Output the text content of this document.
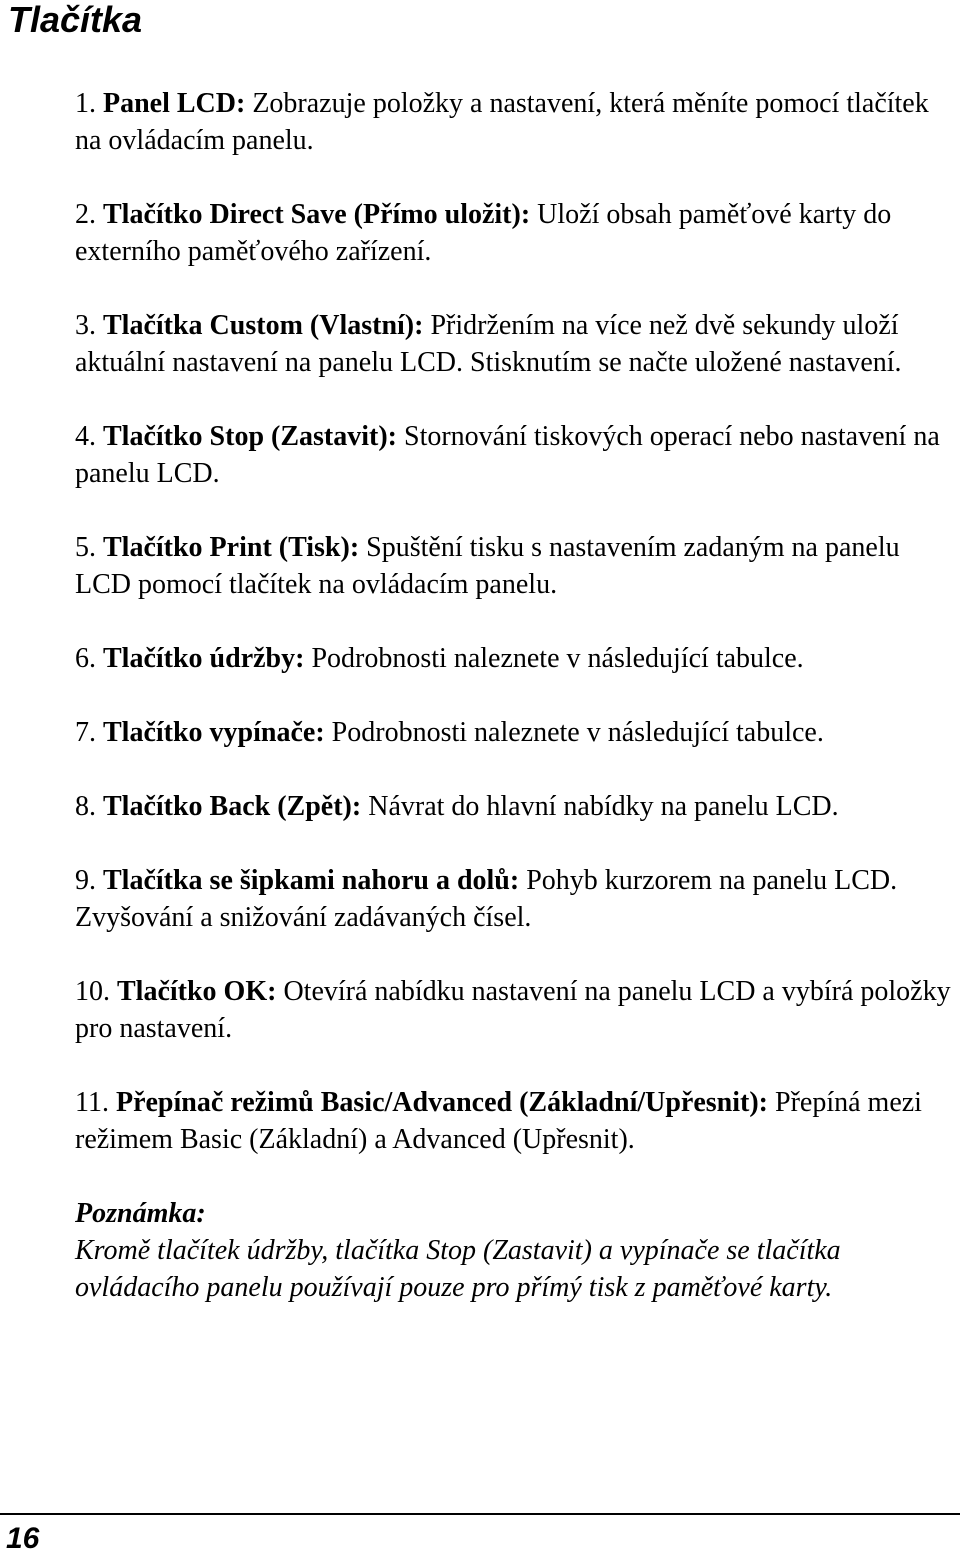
Tlačítka

1. Panel LCD: Zobrazuje položky a nastavení, která měníte pomocí tlačítek na ovládacím panelu.

2. Tlačítko Direct Save (Přímo uložit): Uloží obsah paměťové karty do externího paměťového zařízení.

3. Tlačítka Custom (Vlastní): Přidržením na více než dvě sekundy uloží aktuální nastavení na panelu LCD. Stisknutím se načte uložené nastavení.

4. Tlačítko Stop (Zastavit): Stornování tiskových operací nebo nastavení na panelu LCD.

5. Tlačítko Print (Tisk): Spuštění tisku s nastavením zadaným na panelu LCD pomocí tlačítek na ovládacím panelu.

6. Tlačítko údržby: Podrobnosti naleznete v následující tabulce.

7. Tlačítko vypínače: Podrobnosti naleznete v následující tabulce.

8. Tlačítko Back (Zpět): Návrat do hlavní nabídky na panelu LCD.

9. Tlačítka se šipkami nahoru a dolů: Pohyb kurzorem na panelu LCD. Zvyšování a snižování zadávaných čísel.

10. Tlačítko OK: Otevírá nabídku nastavení na panelu LCD a vybírá položky pro nastavení.

11. Přepínač režimů Basic/Advanced (Základní/Upřesnit): Přepíná mezi režimem Basic (Základní) a Advanced (Upřesnit).

Poznámka:

Kromě tlačítek údržby, tlačítka Stop (Zastavit) a vypínače se tlačítka ovládacího panelu používají pouze pro přímý tisk z paměťové karty.

16
